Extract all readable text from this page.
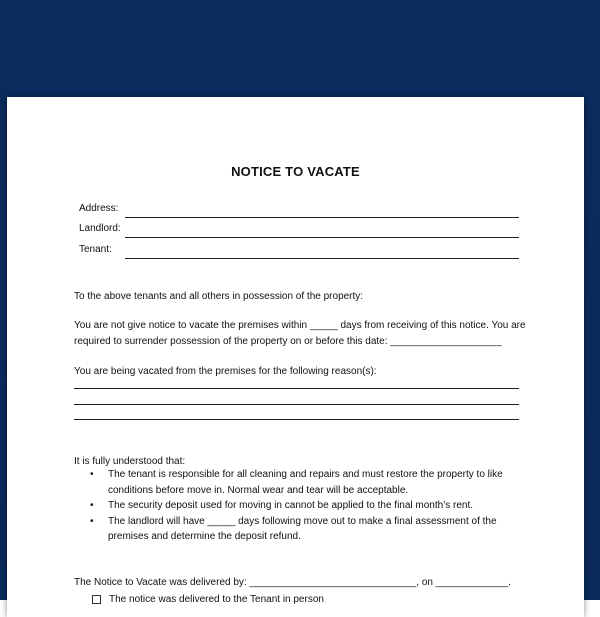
NOTICE TO VACATE
Address:
Landlord:
Tenant:

To the above tenants and all others in possession of the property:

You are not give notice to vacate the premises within _____ days from receiving of this notice. You are required to surrender possession of the property on or before this date: ____________________

You are being vacated from the premises for the following reason(s):

It is fully understood that:

• The tenant is responsible for all cleaning and repairs and must restore the property to like conditions before move in. Normal wear and tear will be acceptable.
• The security deposit used for moving in cannot be applied to the final month’s rent.
• The landlord will have _____ days following move out to make a final assessment of the premises and determine the deposit refund.

The Notice to Vacate was delivered by: ______________________________, on _____________.

The notice was delivered to the Tenant in person
